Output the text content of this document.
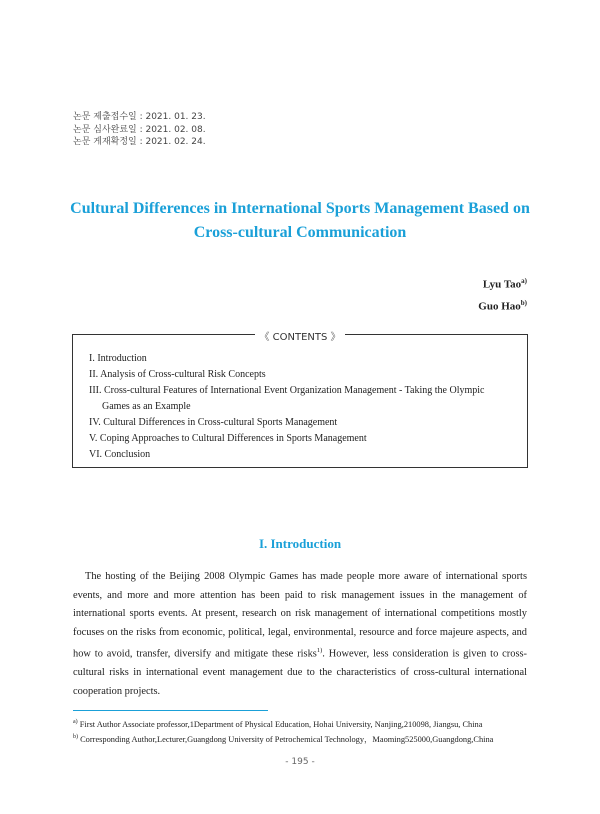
논문 제출접수일 : 2021. 01. 23.
논문 심사완료일 : 2021. 02. 08.
논문 게재확정일 : 2021. 02. 24.
Cultural Differences in International Sports Management Based on
Cross-cultural Communication
Lyu Tao$^{a)}$
Guo Hao$^{b)}$
《 CONTENTS 》
I. Introduction
II. Analysis of Cross-cultural Risk Concepts
III. Cross-cultural Features of International Event Organization Management - Taking the Olympic
Games as an Example
IV. Cultural Differences in Cross-cultural Sports Management
V. Coping Approaches to Cultural Differences in Sports Management
VI. Conclusion
I. Introduction

The hosting of the Beijing 2008 Olympic Games has made people more aware of international sports events, and more and more attention has been paid to risk management issues in the management of international sports events. At present, research on risk management of international competitions mostly focuses on the risks from economic, political, legal, environmental, resource and force majeure aspects, and how to avoid, transfer, diversify and mitigate these risks$^{1)}$. However, less consideration is given to cross-cultural risks in international event management due to the characteristics of cross-cultural international cooperation projects.

$^{a)}$ First Author Associate professor,1Department of Physical Education, Hohai University, Nanjing,210098, Jiangsu, China
$^{b)}$ Corresponding Author,Lecturer,Guangdong University of Petrochemical Technology，Maoming525000,Guangdong,China
- 195 -
